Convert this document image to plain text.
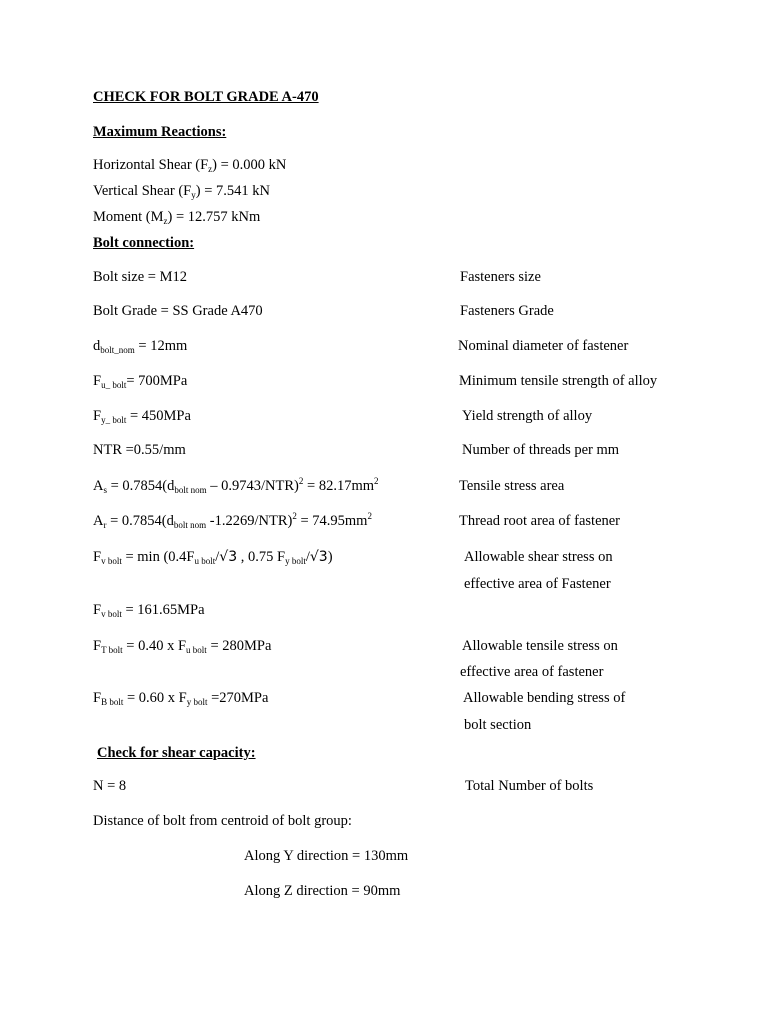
CHECK FOR BOLT GRADE A-470
Maximum Reactions:
Horizontal Shear $(F_z) = 0.000$ kN
Vertical Shear $(F_y) = 7.541$ kN
Moment $(M_z) = 12.757$ kNm
Bolt connection:
Bolt size = M12	Fasteners size
Bolt Grade = SS Grade A470	Fasteners Grade
$d_{bolt\_nom} = 12mm$	Nominal diameter of fastener
$F_{u\_ bolt}= 700MPa$	Minimum tensile strength of alloy
$F_{y\_ bolt} = 450MPa$	Yield strength of alloy
NTR =0.55/mm	Number of threads per mm
$A_s = 0.7854(d_{bolt nom} - 0.9743/NTR)^2 = 82.17mm^2$	Tensile stress area
$A_r = 0.7854(d_{bolt nom}$ $-1.2269/NTR)^2 = 74.95mm^2$	Thread root area of fastener
$F_{v bolt} = \min (0.4F_{u bolt}/√3$ , 0.75 $F_{y bolt}/√3$)	Allowable shear stress on
effective area of Fastener
$F_{v bolt} = 161.65MPa$
$F_{T bolt} = 0.40$ x $F_{u bolt} = 280MPa$	Allowable tensile stress on
effective area of fastener
$F_{B bolt} = 0.60$ x $F_{y bolt} =270MPa$	Allowable bending stress of
bolt section
Check for shear capacity:
N = 8	Total Number of bolts
Distance of bolt from centroid of bolt group:
Along Y direction = 130mm
Along Z direction = 90mm
